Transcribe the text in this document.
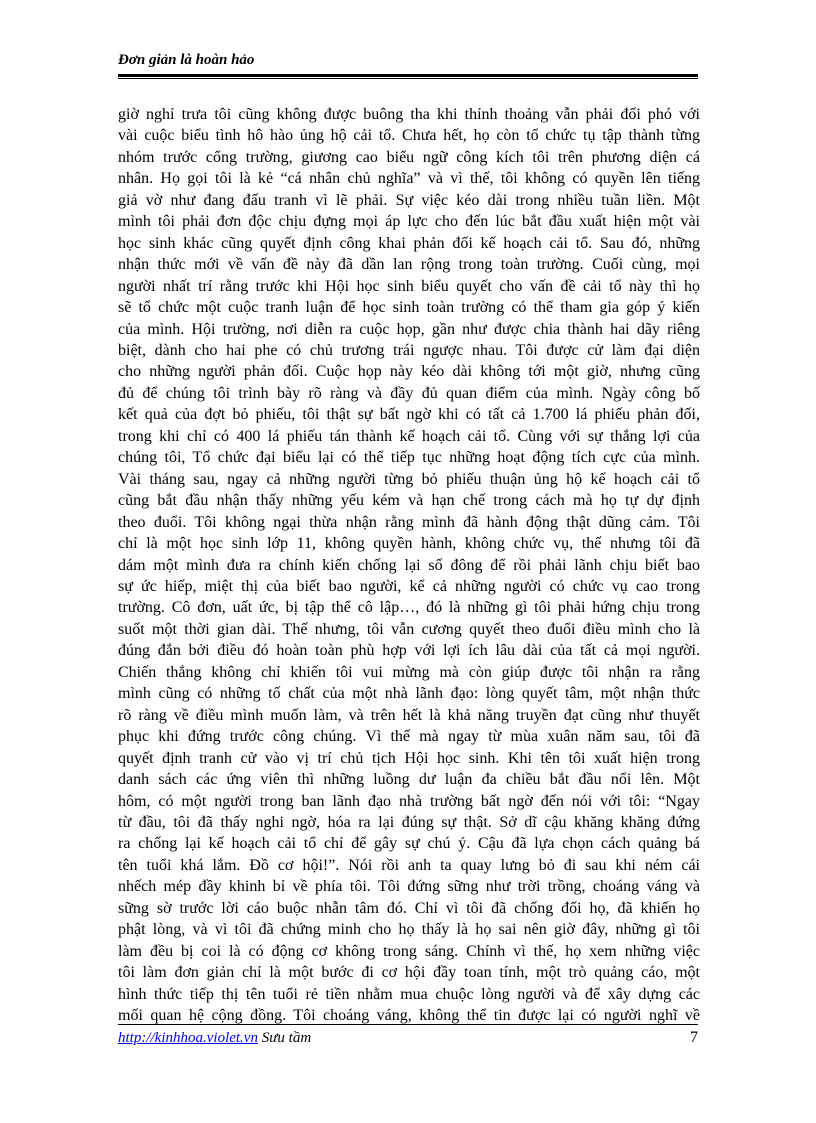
Đơn giản là hoàn hảo
giờ nghỉ trưa tôi cũng không được buông tha khi thỉnh thoảng vẫn phải đối phó với
vài cuộc biểu tình hô hào ủng hộ cải tổ. Chưa hết, họ còn tổ chức tụ tập thành từng
nhóm trước cổng trường, giương cao biểu ngữ công kích tôi trên phương diện cá
nhân. Họ gọi tôi là kẻ “cá nhân chủ nghĩa” và vì thế, tôi không có quyền lên tiếng
giả vờ như đang đấu tranh vì lẽ phải. Sự việc kéo dài trong nhiều tuần liền. Một
mình tôi phải đơn độc chịu đựng mọi áp lực cho đến lúc bắt đầu xuất hiện một vài
học sinh khác cũng quyết định công khai phản đối kế hoạch cải tổ. Sau đó, những
nhận thức mới về vấn đề này đã dần lan rộng trong toàn trường. Cuối cùng, mọi
người nhất trí rằng trước khi Hội học sinh biểu quyết cho vấn đề cải tổ này thì họ
sẽ tổ chức một cuộc tranh luận để học sinh toàn trường có thể tham gia góp ý kiến
của mình. Hội trường, nơi diễn ra cuộc họp, gần như được chia thành hai dãy riêng
biệt, dành cho hai phe có chủ trương trái ngược nhau. Tôi được cử làm đại diện
cho những người phản đối. Cuộc họp này kéo dài không tới một giờ, nhưng cũng
đủ để chúng tôi trình bày rõ ràng và đầy đủ quan điểm của mình. Ngày công bố
kết quả của đợt bỏ phiếu, tôi thật sự bất ngờ khi có tất cả 1.700 lá phiếu phản đối,
trong khi chỉ có 400 lá phiếu tán thành kế hoạch cải tổ. Cùng với sự thắng lợi của
chúng tôi, Tổ chức đại biểu lại có thể tiếp tục những hoạt động tích cực của mình.
Vài tháng sau, ngay cả những người từng bỏ phiếu thuận ủng hộ kế hoạch cải tổ
cũng bắt đầu nhận thấy những yếu kém và hạn chế trong cách mà họ tự dự định
theo đuổi. Tôi không ngại thừa nhận rằng mình đã hành động thật dũng cảm. Tôi
chỉ là một học sinh lớp 11, không quyền hành, không chức vụ, thế nhưng tôi đã
dám một mình đưa ra chính kiến chống lại số đông để rồi phải lãnh chịu biết bao
sự ức hiếp, miệt thị của biết bao người, kể cả những người có chức vụ cao trong
trường. Cô đơn, uất ức, bị tập thể cô lập…, đó là những gì tôi phải hứng chịu trong
suốt một thời gian dài. Thế nhưng, tôi vẫn cương quyết theo đuổi điều mình cho là
đúng đắn bởi điều đó hoàn toàn phù hợp với lợi ích lâu dài của tất cả mọi người.
Chiến thắng không chỉ khiến tôi vui mừng mà còn giúp được tôi nhận ra rằng
mình cũng có những tố chất của một nhà lãnh đạo: lòng quyết tâm, một nhận thức
rõ ràng về điều mình muốn làm, và trên hết là khả năng truyền đạt cũng như thuyết
phục khi đứng trước công chúng. Vì thế mà ngay từ mùa xuân năm sau, tôi đã
quyết định tranh cử vào vị trí chủ tịch Hội học sinh. Khi tên tôi xuất hiện trong
danh sách các ứng viên thì những luồng dư luận đa chiều bắt đầu nổi lên. Một
hôm, có một người trong ban lãnh đạo nhà trường bất ngờ đến nói với tôi: “Ngay
từ đầu, tôi đã thấy nghi ngờ, hóa ra lại đúng sự thật. Sở dĩ cậu khăng khăng đứng
ra chống lại kế hoạch cải tổ chỉ để gây sự chú ý. Cậu đã lựa chọn cách quảng bá
tên tuổi khá lắm. Đồ cơ hội!”. Nói rồi anh ta quay lưng bỏ đi sau khi ném cái
nhếch mép đầy khinh bỉ về phía tôi. Tôi đứng sững như trời trồng, choáng váng và
sững sờ trước lời cáo buộc nhẫn tâm đó. Chỉ vì tôi đã chống đối họ, đã khiến họ
phật lòng, và vì tôi đã chứng minh cho họ thấy là họ sai nên giờ đây, những gì tôi
làm đều bị coi là có động cơ không trong sáng. Chính vì thế, họ xem những việc
tôi làm đơn giản chỉ là một bước đi cơ hội đầy toan tính, một trò quảng cáo, một
hình thức tiếp thị tên tuổi rẻ tiền nhằm mua chuộc lòng người và để xây dựng các
mối quan hệ cộng đồng. Tôi choáng váng, không thể tin được lại có người nghĩ về
http://kinhhoa.violet.vn Sưu tầm	7
